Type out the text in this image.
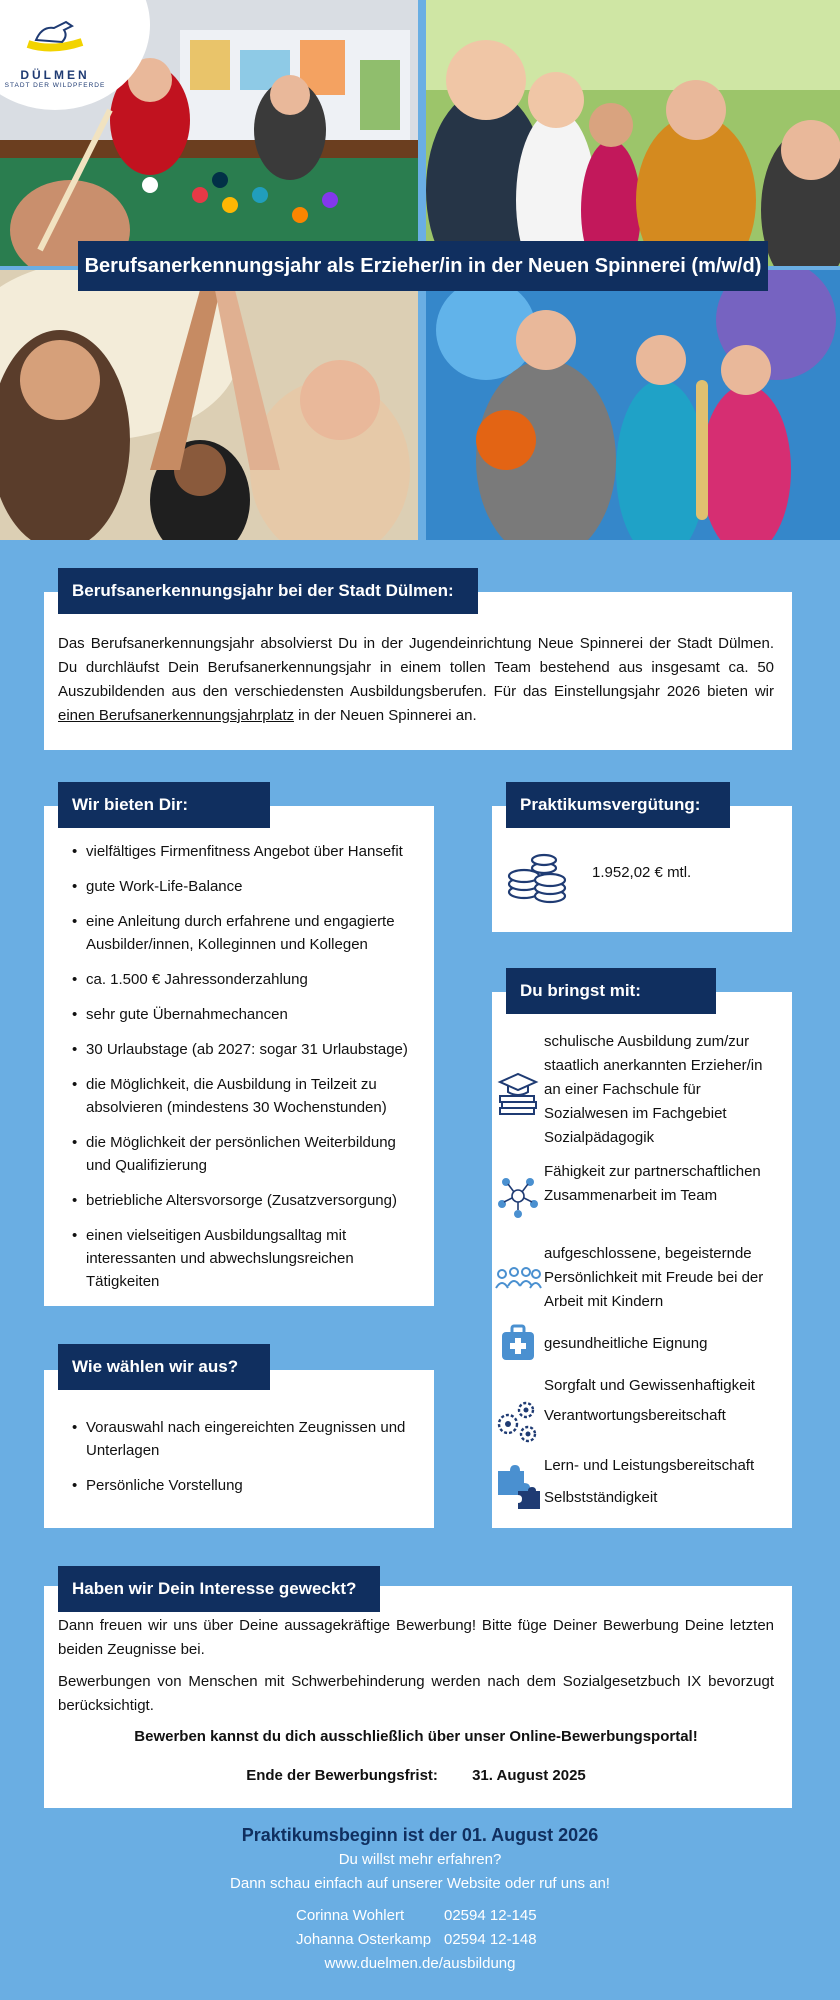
DÜLMEN
STADT DER WILDPFERDE
Berufsanerkennungsjahr als Erzieher/in in der Neuen Spinnerei (m/w/d)

Das Berufsanerkennungsjahr absolvierst Du in der Jugendeinrichtung Neue Spinnerei der Stadt Dülmen. Du durchläufst Dein Berufsanerkennungsjahr in einem tollen Team bestehend aus insgesamt ca. 50 Auszubildenden aus den verschiedensten Ausbildungsberufen. Für das Einstellungsjahr 2026 bieten wir einen Berufsanerkennungsjahrplatz in der Neuen Spinnerei an.

Berufsanerkennungsjahr bei der Stadt Dülmen:
• vielfältiges Firmenfitness Angebot über Hansefit
• gute Work-Life-Balance
• eine Anleitung durch erfahrene und engagierte Ausbilder/innen, Kolleginnen und Kollegen
• ca. 1.500 € Jahressonderzahlung
• sehr gute Übernahmechancen
• 30 Urlaubstage (ab 2027: sogar 31 Urlaubstage)
• die Möglichkeit, die Ausbildung in Teilzeit zu absolvieren (mindestens 30 Wochenstunden)
• die Möglichkeit der persönlichen Weiterbildung und Qualifizierung
• betriebliche Altersvorsorge (Zusatzversorgung)
• einen vielseitigen Ausbildungsalltag mit interessanten und abwechslungsreichen Tätigkeiten
Wir bieten Dir:
• Vorauswahl nach eingereichten Zeugnissen und Unterlagen
• Persönliche Vorstellung
Wie wählen wir aus?
1.952,02 € mtl.
Praktikumsvergütung:
schulische Ausbildung zum/zur staatlich anerkannten Erzieher/in an einer Fachschule für Sozialwesen im Fachgebiet Sozialpädagogik
Fähigkeit zur partnerschaftlichen Zusammenarbeit im Team
aufgeschlossene, begeisternde Persönlichkeit mit Freude bei der Arbeit mit Kindern
gesundheitliche Eignung
Sorgfalt und Gewissenhaftigkeit
Verantwortungsbereitschaft
Lern- und Leistungsbereitschaft
Selbstständigkeit
Du bringst mit:

Dann freuen wir uns über Deine aussagekräftige Bewerbung! Bitte füge Deiner Bewerbung Deine letzten beiden Zeugnisse bei.

Bewerbungen von Menschen mit Schwerbehinderung werden nach dem Sozialgesetzbuch IX bevorzugt berücksichtigt.

Bewerben kannst du dich ausschließlich über unser Online-Bewerbungsportal!

Ende der Bewerbungsfrist: 31. August 2025
Haben wir Dein Interesse geweckt?
Praktikumsbeginn ist der 01. August 2026
Du willst mehr erfahren?
Dann schau einfach auf unserer Website oder ruf uns an!
Corinna Wohlert	02594 12-145
Johanna Osterkamp 02594 12-148
www.duelmen.de/ausbildung
